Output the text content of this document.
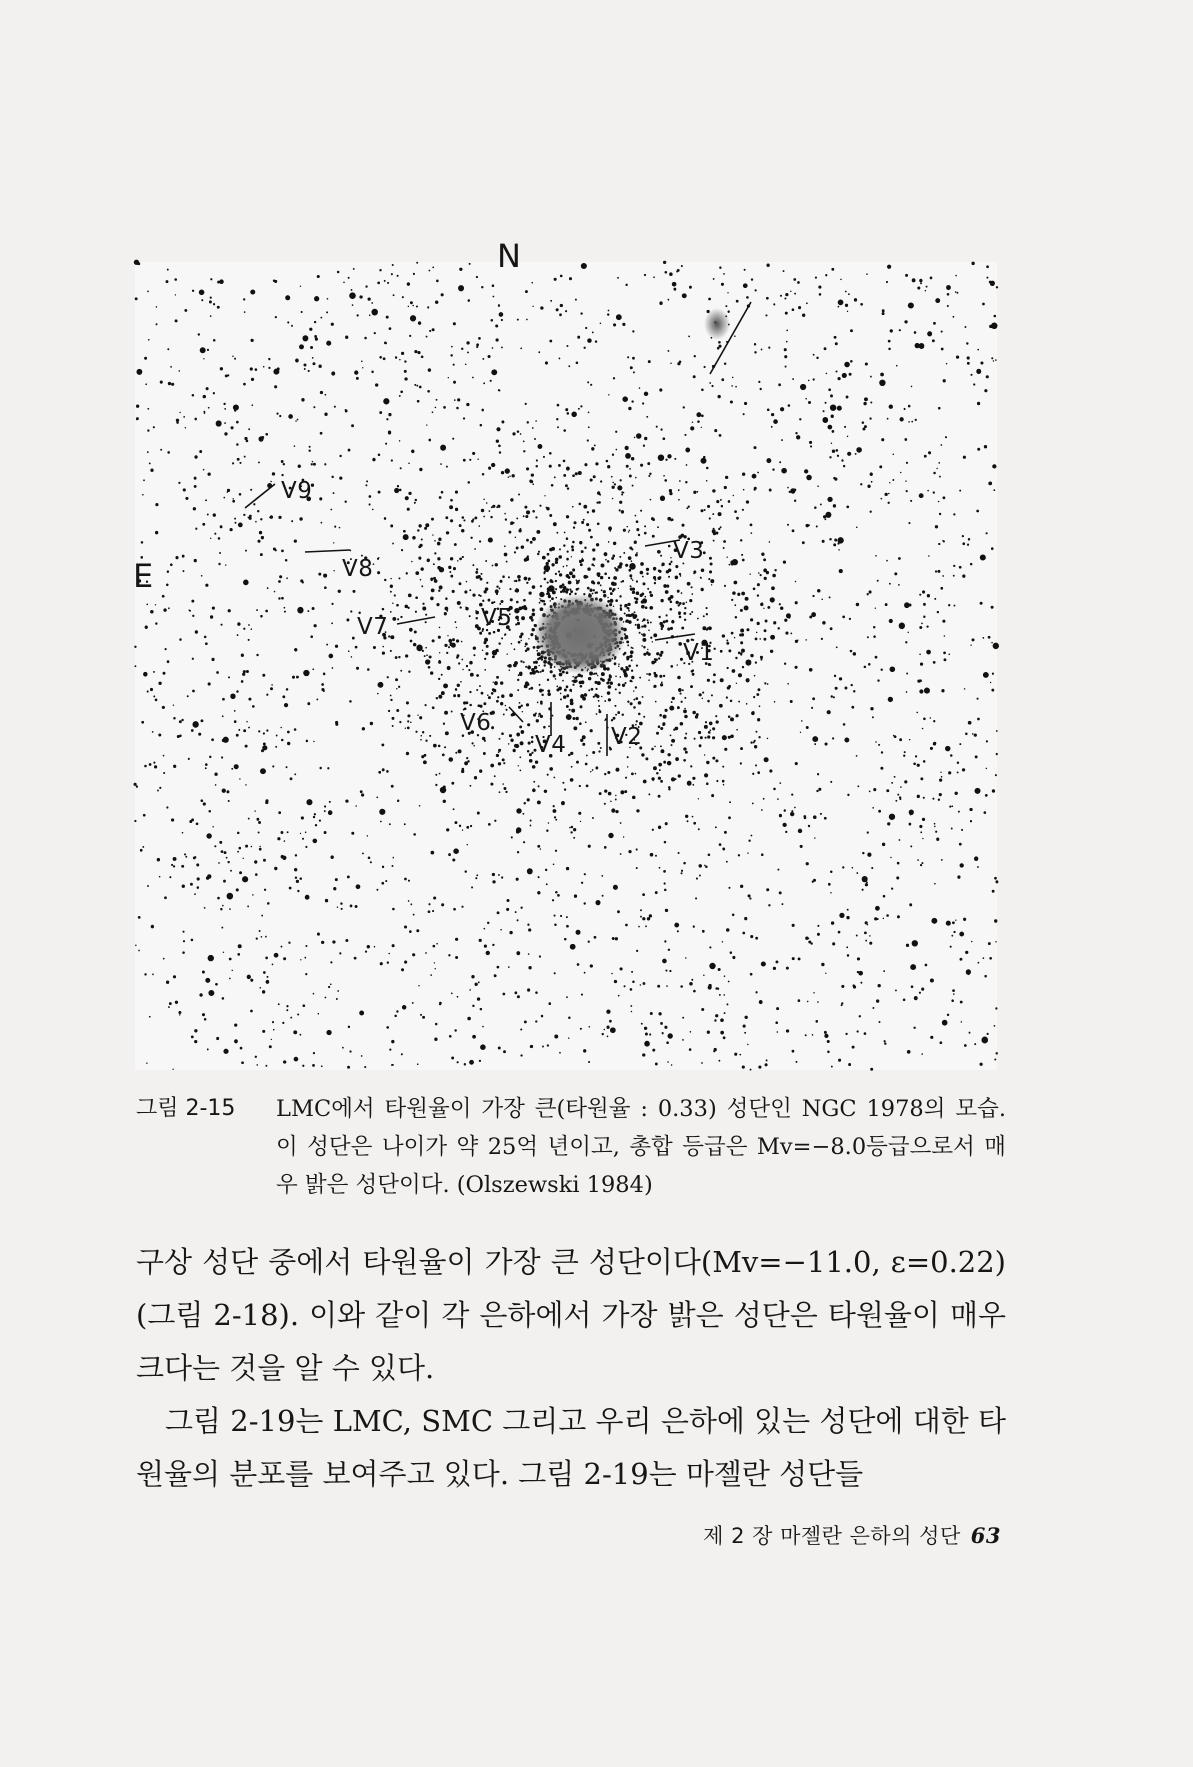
N
E
V9
V8
V7	V5
V3
V1
V6
V4 V2
그림 2-15	LMC에서 타원율이 가장 큰(타원율 : 0.33) 성단인 NGC 1978의 모습. 이 성단은 나이가 약 25억 년이고, 총합 등급은 Mv=−8.0등급으로서 매우 밝은 성단이다. (Olszewski 1984)

구상 성단 중에서 타원율이 가장 큰 성단이다(Mv=−11.0, ε=0.22) (그림 2-18). 이와 같이 각 은하에서 가장 밝은 성단은 타원율이 매우 크다는 것을 알 수 있다.

그림 2-19는 LMC, SMC 그리고 우리 은하에 있는 성단에 대한 타원율의 분포를 보여주고 있다. 그림 2-19는 마젤란 성단들

제 2 장 마젤란 은하의 성단 63
